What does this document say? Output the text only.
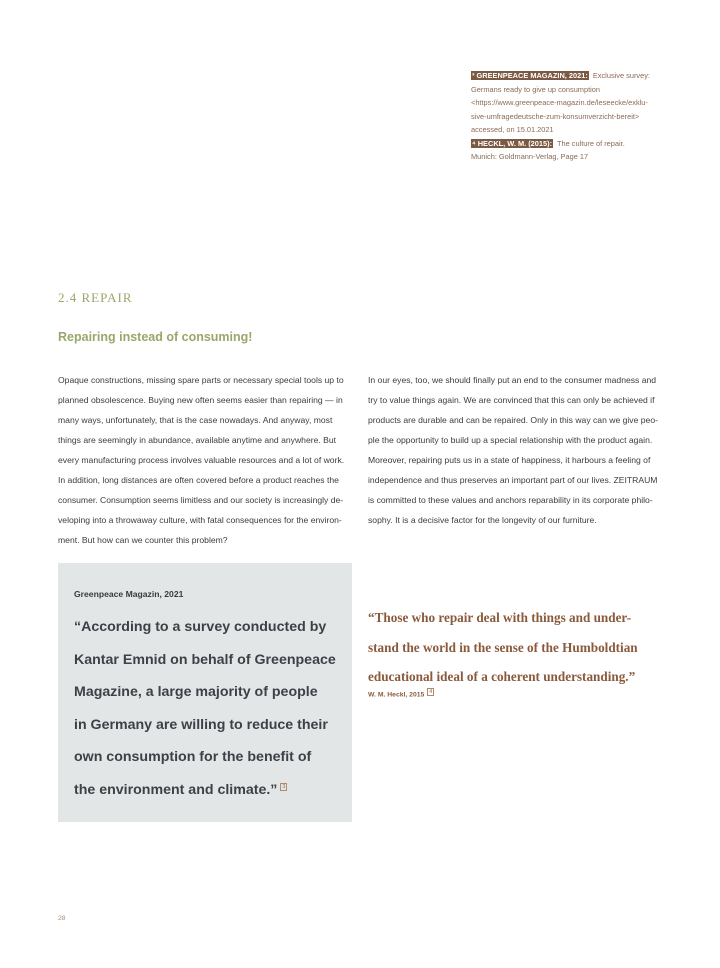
³ GREENPEACE MAGAZIN, 2021: Exclusive survey:
Germans ready to give up consumption
<https://www.greenpeace-magazin.de/leseecke/exklu-
sive-umfragedeutsche-zum-konsumverzicht-bereit>
accessed, on 15.01.2021
⁴ HECKL, W. M. (2015): The culture of repair.
Munich: Goldmann-Verlag, Page 17
2.4 REPAIR
Repairing instead of consuming!
Opaque constructions, missing spare parts or necessary special tools up to
planned obsolescence. Buying new often seems easier than repairing — in
many ways, unfortunately, that is the case nowadays. And anyway, most
things are seemingly in abundance, available anytime and anywhere. But
every manufacturing process involves valuable resources and a lot of work.
In addition, long distances are often covered before a product reaches the
consumer. Consumption seems limitless and our society is increasingly de-
veloping into a throwaway culture, with fatal consequences for the environ-
ment. But how can we counter this problem?
In our eyes, too, we should finally put an end to the consumer madness and
try to value things again. We are convinced that this can only be achieved if
products are durable and can be repaired. Only in this way can we give peo-
ple the opportunity to build up a special relationship with the product again.
Moreover, repairing puts us in a state of happiness, it harbours a feeling of
independence and thus preserves an important part of our lives. ZEITRAUM
is committed to these values and anchors reparability in its corporate philo-
sophy. It is a decisive factor for the longevity of our furniture.
Greenpeace Magazin, 2021
“According to a survey conducted by
Kantar Emnid on behalf of Greenpeace
Magazine, a large majority of people
in Germany are willing to reduce their
own consumption for the benefit of
the environment and climate.” 3
“Those who repair deal with things and under-
stand the world in the sense of the Humboldtian
educational ideal of a coherent understanding.”
W. M. Heckl, 2015 4
28
